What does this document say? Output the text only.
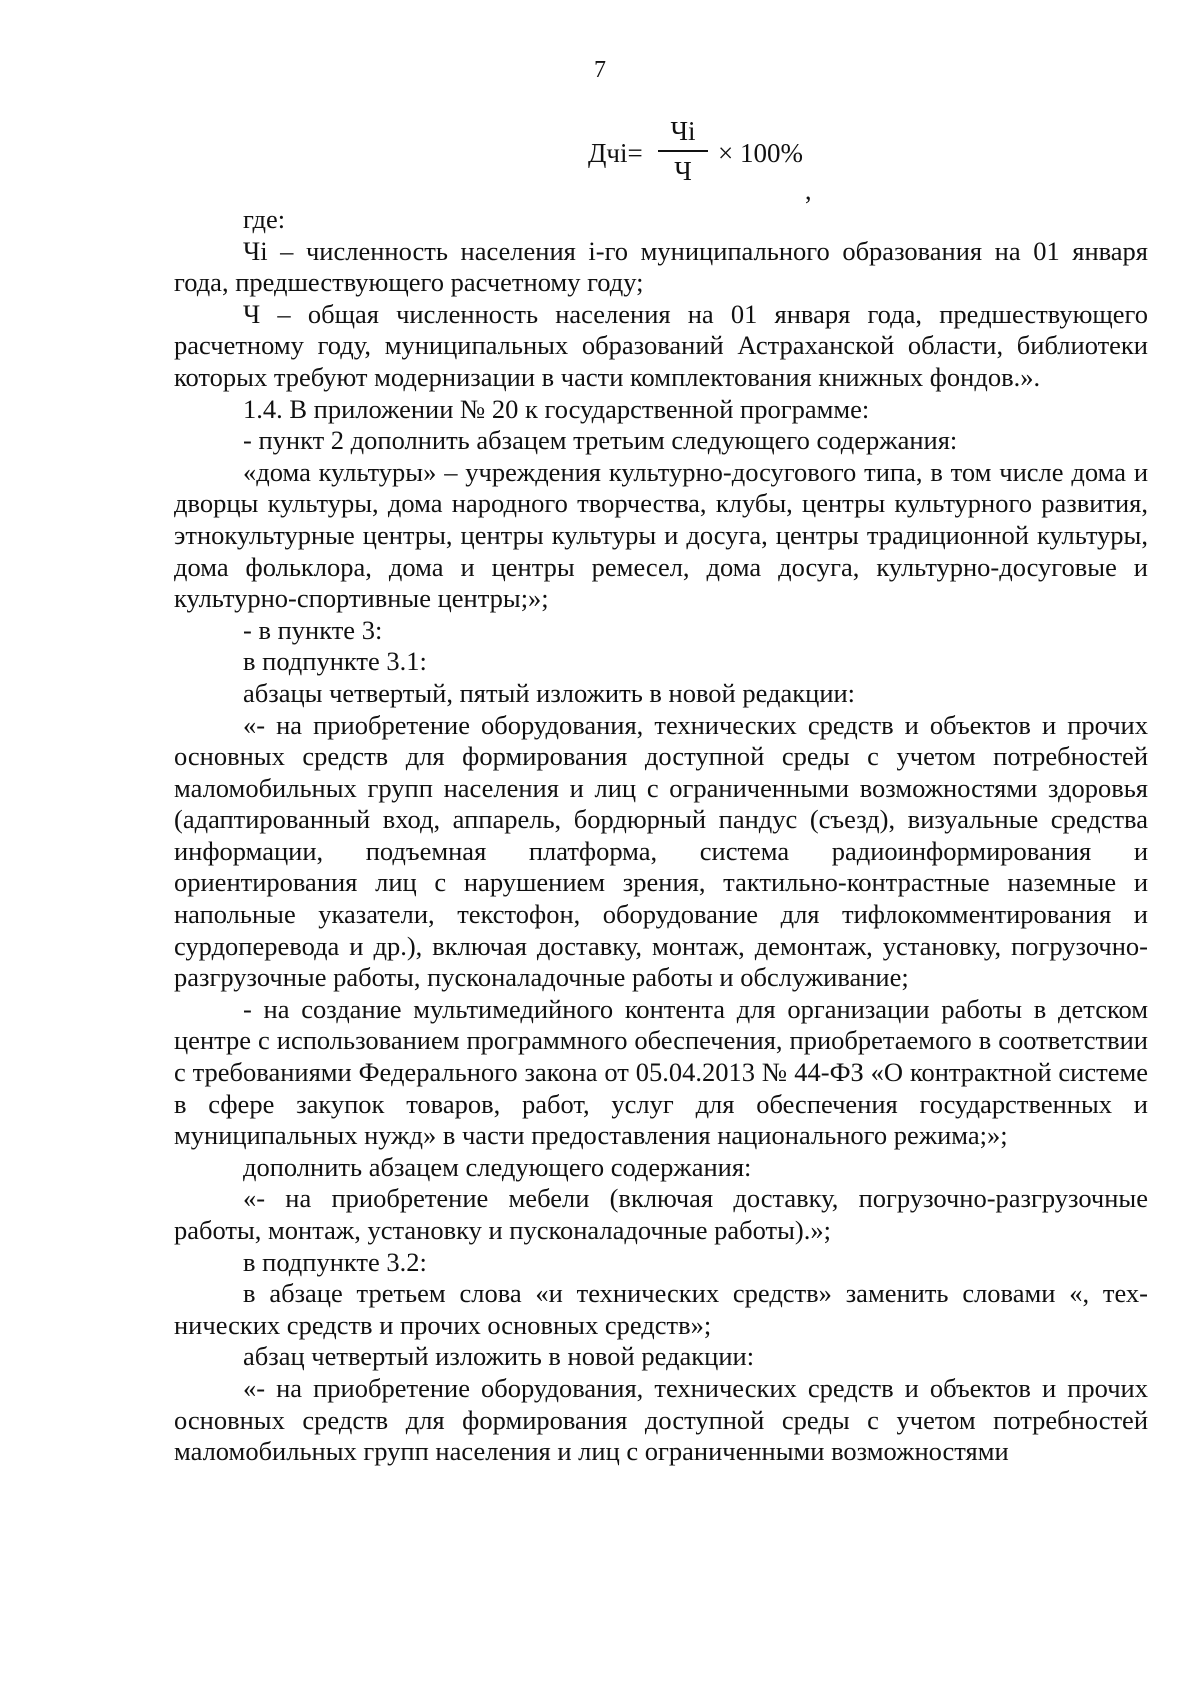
7
Дчі=
Чі
Ч
× 100%
,

где:

Чі – численность населения і-го муниципального образования на 01 января года, предшествующего расчетному году;

Ч – общая численность населения на 01 января года, предшествующего расчетному году, муниципальных образований Астраханской области, библиотеки которых требуют модернизации в части комплектования книжных фондов.».

1.4. В приложении № 20 к государственной программе:

- пункт 2 дополнить абзацем третьим следующего содержания:

«дома культуры» – учреждения культурно-досугового типа, в том числе дома и дворцы культуры, дома народного творчества, клубы, центры культурного развития, этнокультурные центры, центры культуры и досуга, центры традиционной культуры, дома фольклора, дома и центры ремесел, дома досуга, культурно-досуговые и культурно-спортивные центры;»;

- в пункте 3:

в подпункте 3.1:

абзацы четвертый, пятый изложить в новой редакции:

«- на приобретение оборудования, технических средств и объектов и прочих основных средств для формирования доступной среды с учетом потребностей маломобильных групп населения и лиц с ограниченными возможностями здоровья (адаптированный вход, аппарель, бордюрный пандус (съезд), визуальные средства информации, подъемная платформа, система радиоинформирования и ориентирования лиц с нарушением зрения, тактильно-контрастные наземные и напольные указатели, текстофон, оборудование для тифлокомментирования и сурдоперевода и др.), включая доставку, монтаж, демонтаж, установку, погрузочно-разгрузочные работы, пусконаладочные работы и обслуживание;

- на создание мультимедийного контента для организации работы в детском центре с использованием программного обеспечения, приобретаемого в соответствии с требованиями Федерального закона от 05.04.2013 № 44-ФЗ «О контрактной системе в сфере закупок товаров, работ, услуг для обеспечения государственных и муниципальных нужд» в части предоставления национального режима;»;

дополнить абзацем следующего содержания:

«- на приобретение мебели (включая доставку, погрузочно-разгрузочные работы, монтаж, установку и пусконаладочные работы).»;

в подпункте 3.2:

в абзаце третьем слова «и технических средств» заменить словами «, технических средств и прочих основных средств»;

абзац четвертый изложить в новой редакции:

«- на приобретение оборудования, технических средств и объектов и прочих основных средств для формирования доступной среды с учетом потребностей маломобильных групп населения и лиц с ограниченными возможностями
